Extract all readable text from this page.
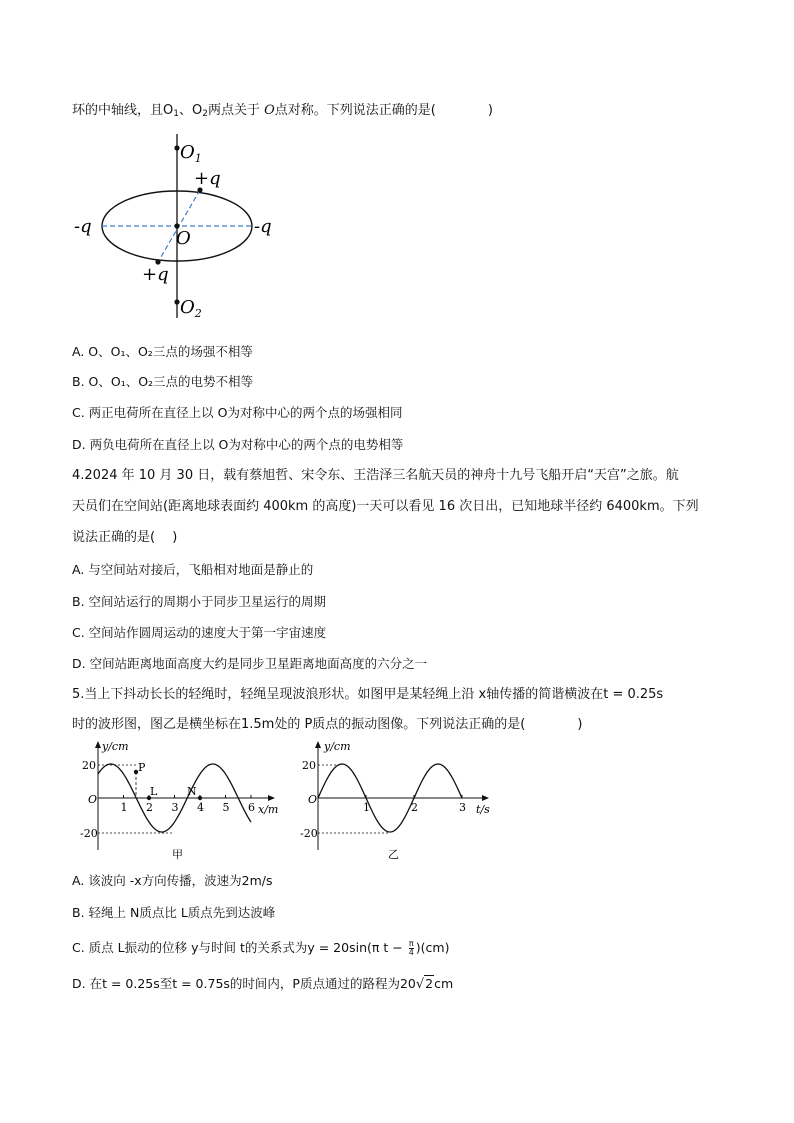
环的中轴线，且$O_1$、$O_2$两点关于 O点对称。下列说法正确的是(　　　　)
$O_1$
+q
-q
O
-q
+q
$O_2$
A. O、O₁、O₂三点的场强不相等
B. O、O₁、O₂三点的电势不相等
C. 两正电荷所在直径上以 O为对称中心的两个点的场强相同
D. 两负电荷所在直径上以 O为对称中心的两个点的电势相等
4.2024 年 10 月 30 日，载有蔡旭哲、宋令东、王浩泽三名航天员的神舟十九号飞船开启“天宫”之旅。航
天员们在空间站(距离地球表面约 400km 的高度)一天可以看见 16 次日出，已知地球半径约 6400km。下列
说法正确的是(　 )
A. 与空间站对接后，飞船相对地面是静止的
B. 空间站运行的周期小于同步卫星运行的周期
C. 空间站作圆周运动的速度大于第一宇宙速度
D. 空间站距离地面高度大约是同步卫星距离地面高度的六分之一
5.当上下抖动长长的轻绳时，轻绳呈现波浪形状。如图甲是某轻绳上沿 x轴传播的简谐横波在t = 0.25s
时的波形图，图乙是横坐标在1.5m处的 P质点的振动图像。下列说法正确的是(　　　　)
1 2 3 4 5 6
y/cm
20
-20
O
x/m
P
L	N
甲
1	2	3
y/cm
20
-20
O
t/s
乙
A. 该波向 -x方向传播，波速为2m/s
B. 轻绳上 N质点比 L质点先到达波峰
C. 质点 L振动的位移 y与时间 t的关系式为y = 20sin(π $t - \frac{\pi}{4} )(cm)$
D. 在t = 0.25s至t = 0.75s的时间内，P质点通过的路程为20√2cm
